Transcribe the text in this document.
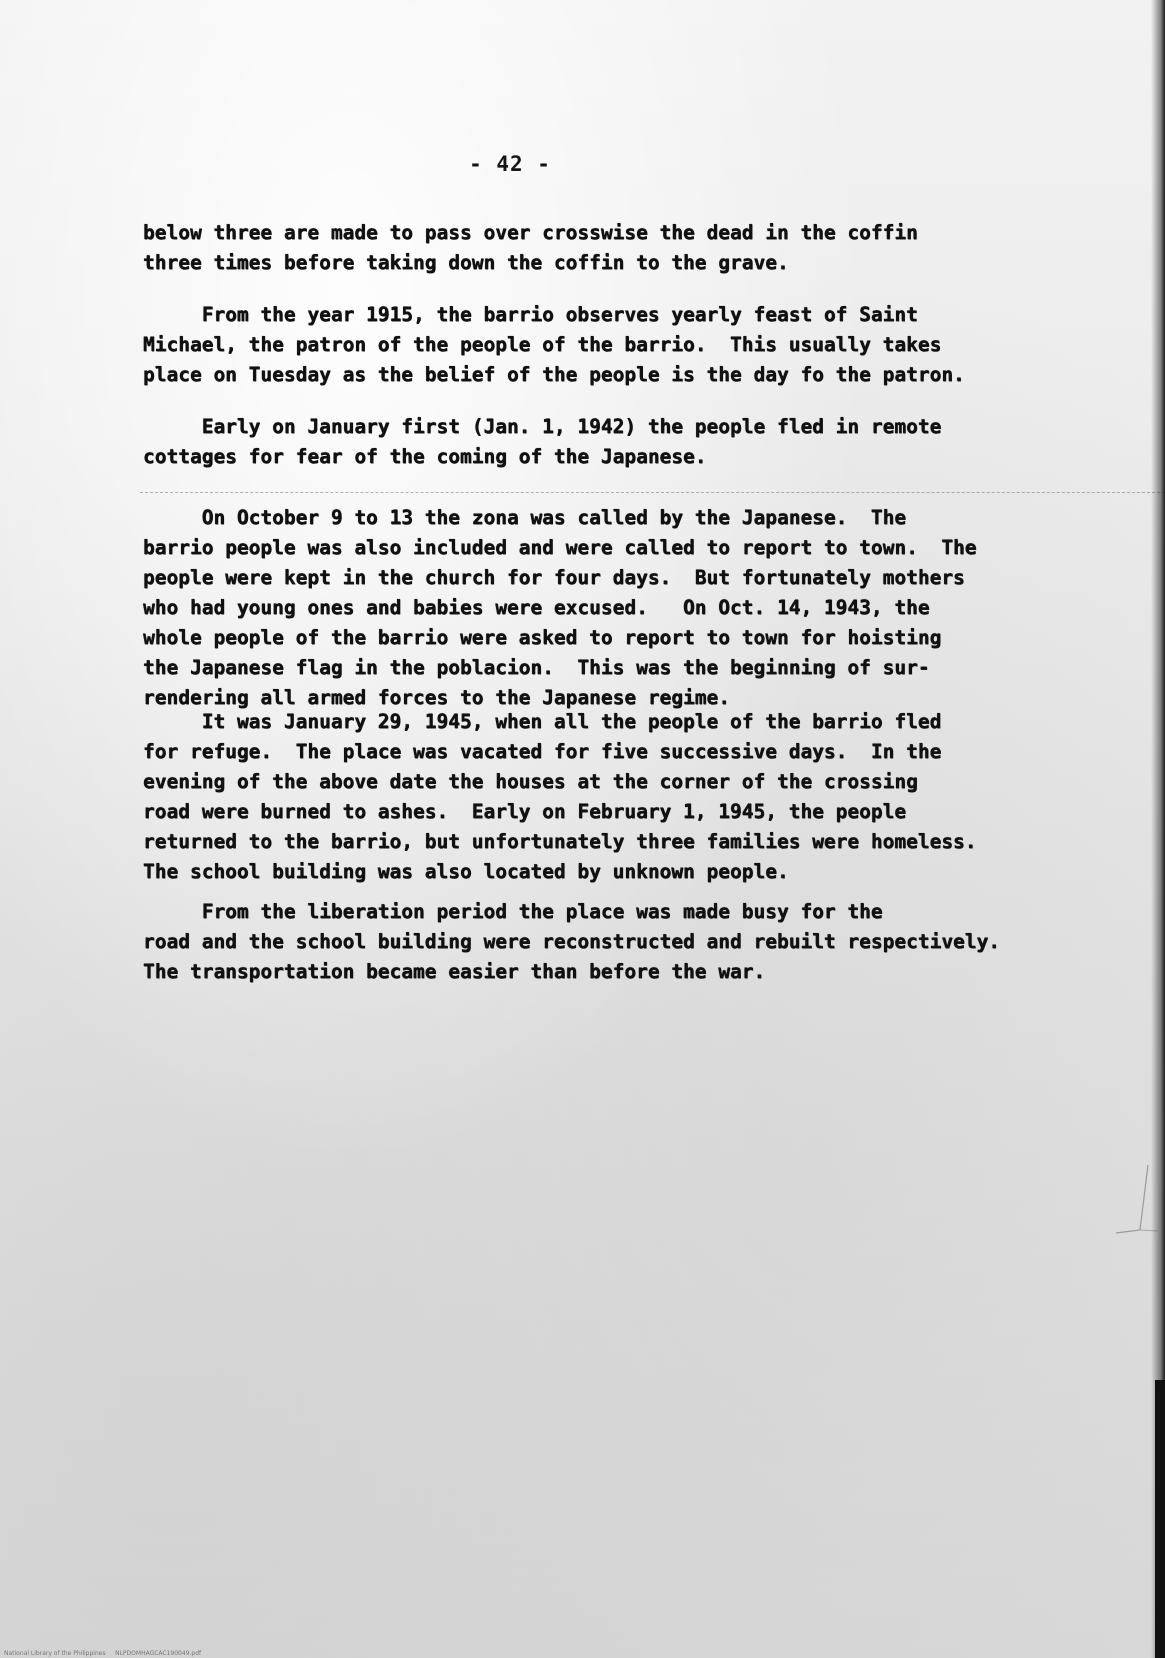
- 42 -

below three are made to pass over crosswise the dead in the coffin
three times before taking down the coffin to the grave.

From the year 1915, the barrio observes yearly feast of Saint
Michael, the patron of the people of the barrio.  This usually takes
place on Tuesday as the belief of the people is the day fo the patron.

Early on January first (Jan. 1, 1942) the people fled in remote
cottages for fear of the coming of the Japanese.

On October 9 to 13 the zona was called by the Japanese.  The
barrio people was also included and were called to report to town.  The
people were kept in the church for four days.  But fortunately mothers
who had young ones and babies were excused.   On Oct. 14, 1943, the
whole people of the barrio were asked to report to town for hoisting
the Japanese flag in the poblacion.  This was the beginning of sur-
rendering all armed forces to the Japanese regime.

It was January 29, 1945, when all the people of the barrio fled
for refuge.  The place was vacated for five successive days.  In the
evening of the above date the houses at the corner of the crossing
road were burned to ashes.  Early on February 1, 1945, the people
returned to the barrio, but unfortunately three families were homeless.
The school building was also located by unknown people.

From the liberation period the place was made busy for the
road and the school building were reconstructed and rebuilt respectively.
The transportation became easier than before the war.

National Library of the Philippines     NLPDOMHAGCAC190049.pdf
